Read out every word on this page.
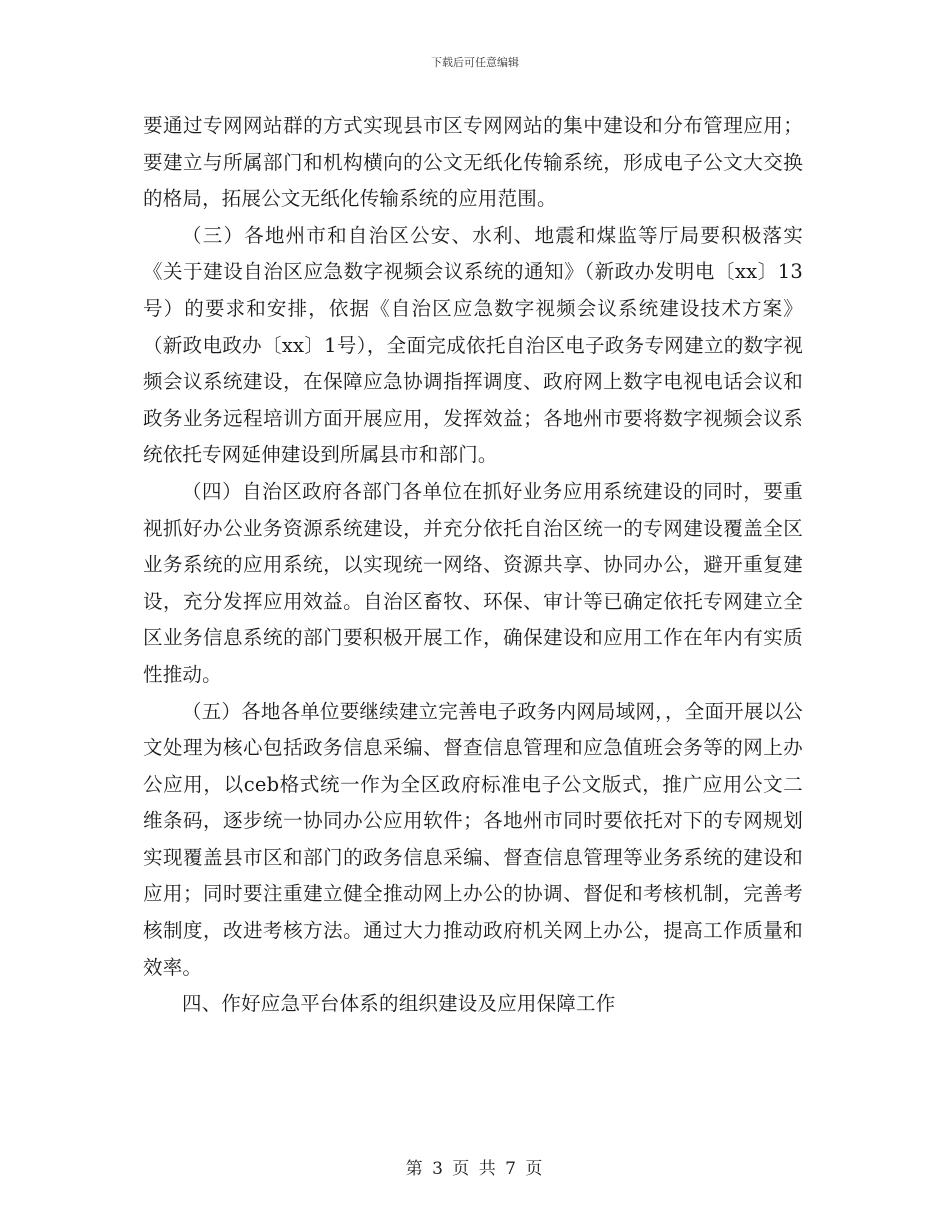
下载后可任意编辑

要通过专网网站群的方式实现县市区专网网站的集中建设和分布管理应用；要建立与所属部门和机构横向的公文无纸化传输系统，形成电子公文大交换的格局，拓展公文无纸化传输系统的应用范围。

（三）各地州市和自治区公安、水利、地震和煤监等厅局要积极落实《关于建设自治区应急数字视频会议系统的通知》（新政办发明电〔xx〕13号）的要求和安排，依据《自治区应急数字视频会议系统建设技术方案》（新政电政办〔xx〕1号），全面完成依托自治区电子政务专网建立的数字视频会议系统建设，在保障应急协调指挥调度、政府网上数字电视电话会议和政务业务远程培训方面开展应用，发挥效益；各地州市要将数字视频会议系统依托专网延伸建设到所属县市和部门。

（四）自治区政府各部门各单位在抓好业务应用系统建设的同时，要重视抓好办公业务资源系统建设，并充分依托自治区统一的专网建设覆盖全区业务系统的应用系统，以实现统一网络、资源共享、协同办公，避开重复建设，充分发挥应用效益。自治区畜牧、环保、审计等已确定依托专网建立全区业务信息系统的部门要积极开展工作，确保建设和应用工作在年内有实质性推动。

（五）各地各单位要继续建立完善电子政务内网局域网，，全面开展以公文处理为核心包括政务信息采编、督查信息管理和应急值班会务等的网上办公应用，以ceb格式统一作为全区政府标准电子公文版式，推广应用公文二维条码，逐步统一协同办公应用软件；各地州市同时要依托对下的专网规划实现覆盖县市区和部门的政务信息采编、督查信息管理等业务系统的建设和应用；同时要注重建立健全推动网上办公的协调、督促和考核机制，完善考核制度，改进考核方法。通过大力推动政府机关网上办公，提高工作质量和效率。

四、作好应急平台体系的组织建设及应用保障工作

第 3 页 共 7 页
